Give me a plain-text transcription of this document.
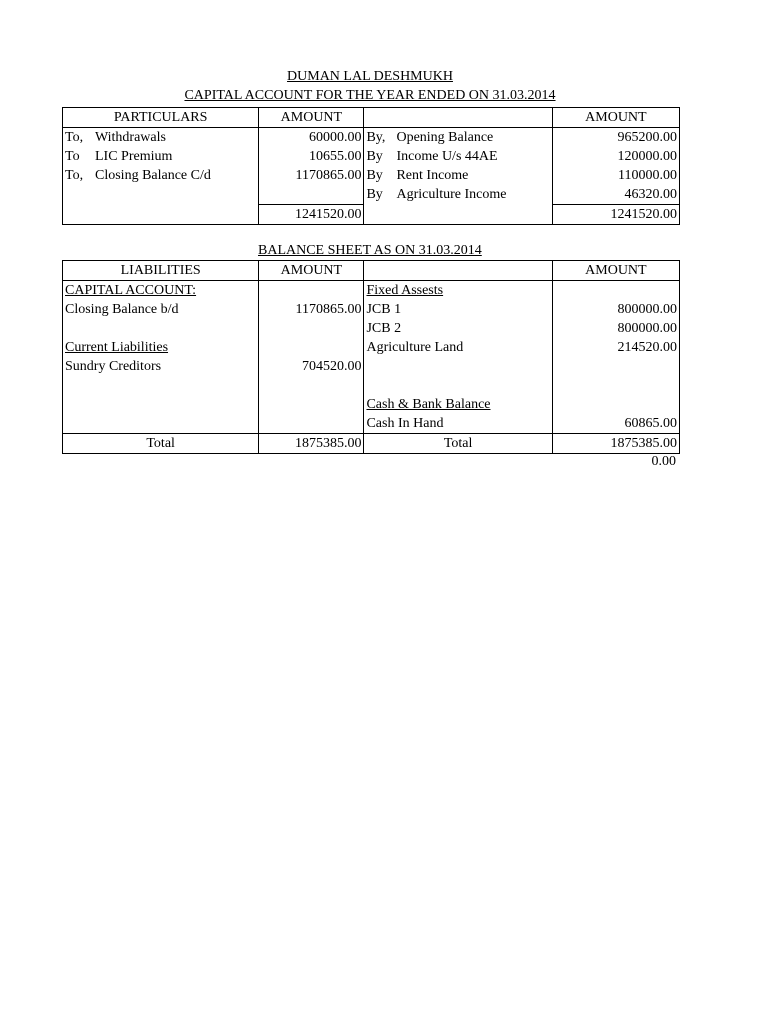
DUMAN LAL DESHMUKH
CAPITAL ACCOUNT FOR THE YEAR ENDED ON 31.03.2014
PARTICULARS	AMOUNT		AMOUNT
To, Withdrawals	60000.00	By, Opening Balance	965200.00
To LIC Premium	10655.00	By Income U/s 44AE	120000.00
To, Closing Balance C/d	1170865.00	By Rent Income	110000.00
		By Agriculture Income	46320.00
	1241520.00		1241520.00
BALANCE SHEET AS ON 31.03.2014
LIABILITIES	AMOUNT		AMOUNT
CAPITAL ACCOUNT:		Fixed Assests	
Closing Balance b/d	1170865.00	JCB 1	800000.00
		JCB 2	800000.00
Current Liabilities		Agriculture Land	214520.00
Sundry Creditors	704520.00		

		Cash & Bank Balance	
		Cash In Hand	60865.00
Total	1875385.00	Total	1875385.00
0.00
